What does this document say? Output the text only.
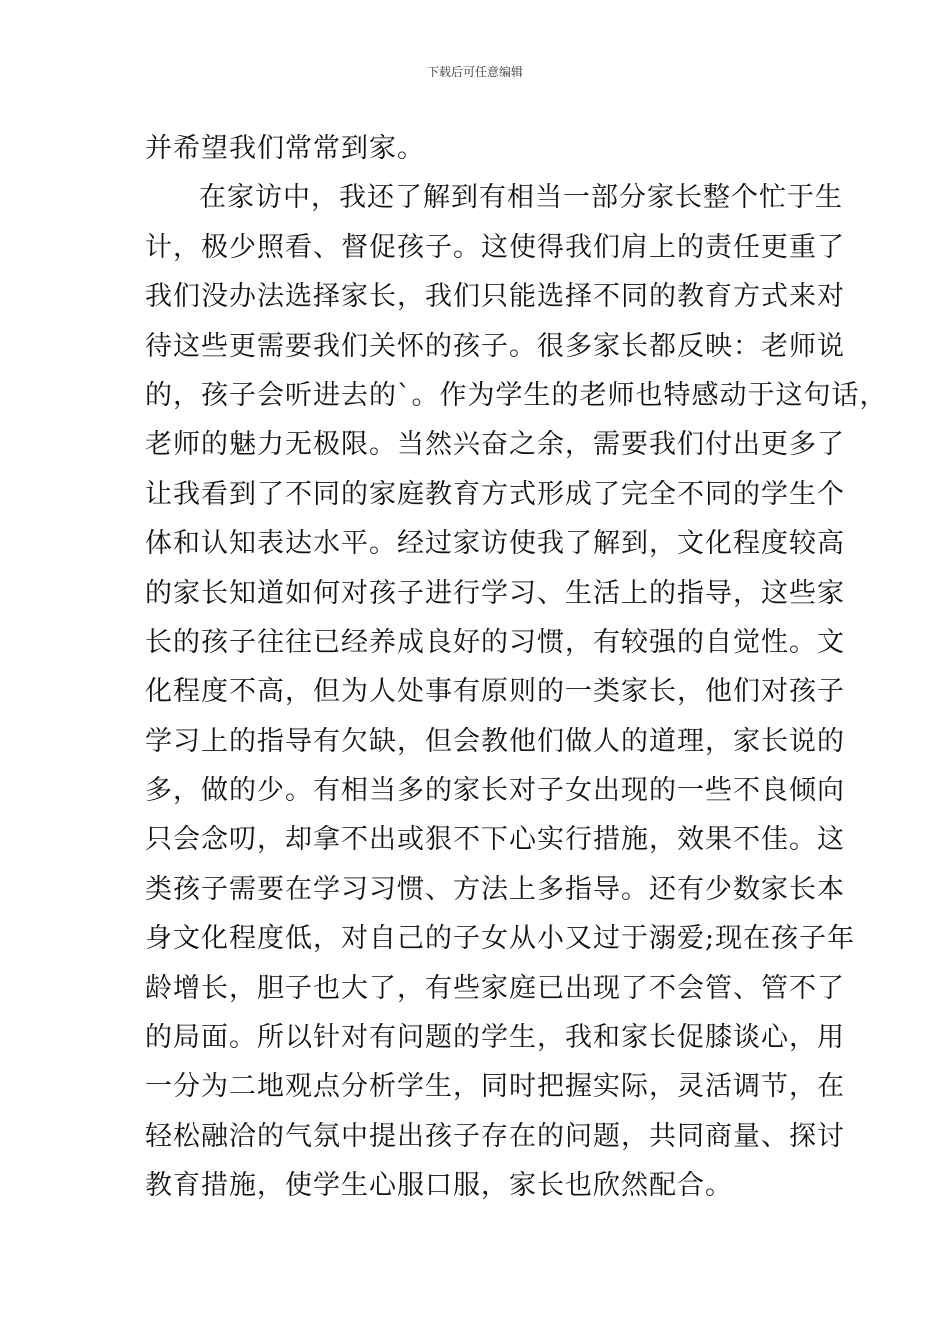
下载后可任意编辑
并希望我们常常到家。
在家访中，我还了解到有相当一部分家长整个忙于生
计，极少照看、督促孩子。这使得我们肩上的责任更重了
我们没办法选择家长，我们只能选择不同的教育方式来对
待这些更需要我们关怀的孩子。很多家长都反映：老师说
的，孩子会听进去的`。作为学生的老师也特感动于这句话，
老师的魅力无极限。当然兴奋之余，需要我们付出更多了
让我看到了不同的家庭教育方式形成了完全不同的学生个
体和认知表达水平。经过家访使我了解到，文化程度较高
的家长知道如何对孩子进行学习、生活上的指导，这些家
长的孩子往往已经养成良好的习惯，有较强的自觉性。文
化程度不高，但为人处事有原则的一类家长，他们对孩子
学习上的指导有欠缺，但会教他们做人的道理，家长说的
多，做的少。有相当多的家长对子女出现的一些不良倾向
只会念叨，却拿不出或狠不下心实行措施，效果不佳。这
类孩子需要在学习习惯、方法上多指导。还有少数家长本
身文化程度低，对自己的子女从小又过于溺爱;现在孩子年
龄增长，胆子也大了，有些家庭已出现了不会管、管不了
的局面。所以针对有问题的学生，我和家长促膝谈心，用
一分为二地观点分析学生，同时把握实际，灵活调节，在
轻松融洽的气氛中提出孩子存在的问题，共同商量、探讨
教育措施，使学生心服口服，家长也欣然配合。
